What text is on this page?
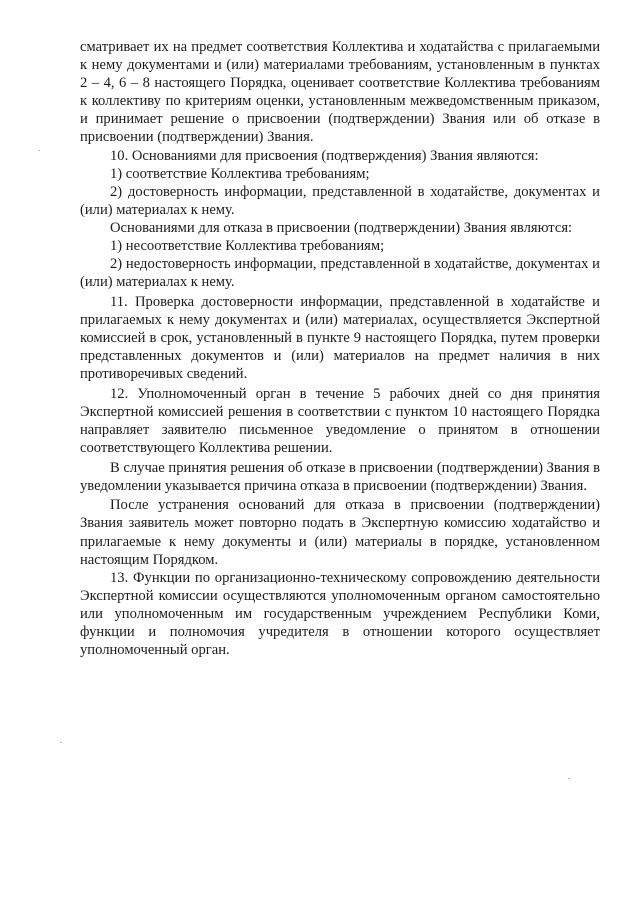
сматривает их на предмет соответствия Коллектива и ходатайства с прилагаемыми к нему документами и (или) материалами требованиям, установленным в пунктах 2 – 4, 6 – 8 настоящего Порядка, оценивает соответствие Коллектива требованиям к коллективу по критериям оценки, установленным межведомственным приказом, и принимает решение о присвоении (подтверждении) Звания или об отказе в присвоении (подтверждении) Звания.

10. Основаниями для присвоения (подтверждения) Звания являются:

1) соответствие Коллектива требованиям;

2) достоверность информации, представленной в ходатайстве, документах и (или) материалах к нему.

Основаниями для отказа в присвоении (подтверждении) Звания являются:

1) несоответствие Коллектива требованиям;

2) недостоверность информации, представленной в ходатайстве, документах и (или) материалах к нему.

11. Проверка достоверности информации, представленной в ходатайстве и прилагаемых к нему документах и (или) материалах, осуществляется Экспертной комиссией в срок, установленный в пункте 9 настоящего Порядка, путем проверки представленных документов и (или) материалов на предмет наличия в них противоречивых сведений.

12. Уполномоченный орган в течение 5 рабочих дней со дня принятия Экспертной комиссией решения в соответствии с пунктом 10 настоящего Порядка направляет заявителю письменное уведомление о принятом в отношении соответствующего Коллектива решении.

В случае принятия решения об отказе в присвоении (подтверждении) Звания в уведомлении указывается причина отказа в присвоении (подтверждении) Звания.

После устранения оснований для отказа в присвоении (подтверждении) Звания заявитель может повторно подать в Экспертную комиссию ходатайство и прилагаемые к нему документы и (или) материалы в порядке, установленном настоящим Порядком.

13. Функции по организационно-техническому сопровождению деятельности Экспертной комиссии осуществляются уполномоченным органом самостоятельно или уполномоченным им государственным учреждением Республики Коми, функции и полномочия учредителя в отношении которого осуществляет уполномоченный орган.
